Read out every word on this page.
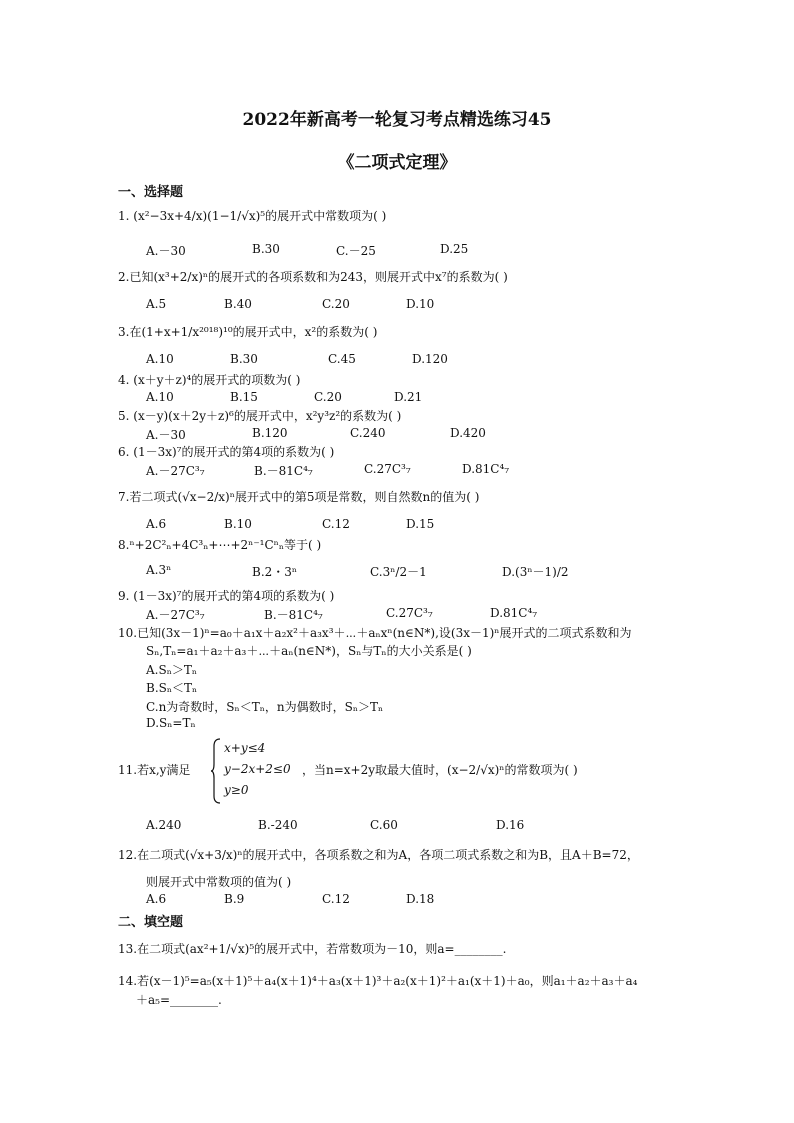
2022年新高考一轮复习考点精选练习45
《二项式定理》
一、选择题
1. (x²−3x+4/x)(1−1/√x)⁵的展开式中常数项为( )
A.－30	B.30	C.－25	D.25
2.已知(x³+2/x)ⁿ的展开式的各项系数和为243，则展开式中x⁷的系数为( )
A.5	B.40	C.20	D.10
3.在(1+x+1/x²⁰¹⁸)¹⁰的展开式中，x²的系数为( )
A.10	B.30	C.45	D.120
4. (x＋y＋z)⁴的展开式的项数为( )
A.10	B.15	C.20	D.21
5. (x－y)(x＋2y＋z)⁶的展开式中，x²y³z²的系数为( )
A.－30	B.120	C.240	D.420
6. (1－3x)⁷的展开式的第4项的系数为( )
A.－27C³₇	B.－81C⁴₇	C.27C³₇	D.81C⁴₇
7.若二项式(√x−2/x)ⁿ展开式中的第5项是常数，则自然数n的值为( )
A.6	B.10	C.12	D.15
8.ⁿ+2C²ₙ+4C³ₙ+⋯+2ⁿ⁻¹Cⁿₙ等于( )
A.3ⁿ	B.2・3ⁿ	C.3ⁿ/2－1	D.(3ⁿ－1)/2
9. (1－3x)⁷的展开式的第4项的系数为( )
A.－27C³₇	B.－81C⁴₇	C.27C³₇	D.81C⁴₇
10.已知(3x－1)ⁿ=a₀＋a₁x＋a₂x²＋a₃x³＋⋯＋aₙxⁿ(n∈N*),设(3x－1)ⁿ展开式的二项式系数和为
Sₙ,Tₙ=a₁＋a₂＋a₃＋⋯＋aₙ(n∈N*)，Sₙ与Tₙ的大小关系是( )
A.Sₙ＞Tₙ
B.Sₙ＜Tₙ
C.n为奇数时，Sₙ＜Tₙ，n为偶数时，Sₙ＞Tₙ
D.Sₙ=Tₙ
11.若x,y满足
x+y≤4
y−2x+2≤0
y≥0
，当n=x+2y取最大值时，(x−2/√x)ⁿ的常数项为( )
A.240	B.-240	C.60	D.16
12.在二项式(√x+3/x)ⁿ的展开式中，各项系数之和为A，各项二项式系数之和为B，且A＋B=72，
则展开式中常数项的值为( )
A.6	B.9	C.12	D.18
二、填空题
13.在二项式(ax²+1/√x)⁵的展开式中，若常数项为－10，则a=________.
14.若(x－1)⁵=a₅(x＋1)⁵＋a₄(x＋1)⁴＋a₃(x＋1)³＋a₂(x＋1)²＋a₁(x＋1)＋a₀，则a₁＋a₂＋a₃＋a₄
＋a₅=________.
